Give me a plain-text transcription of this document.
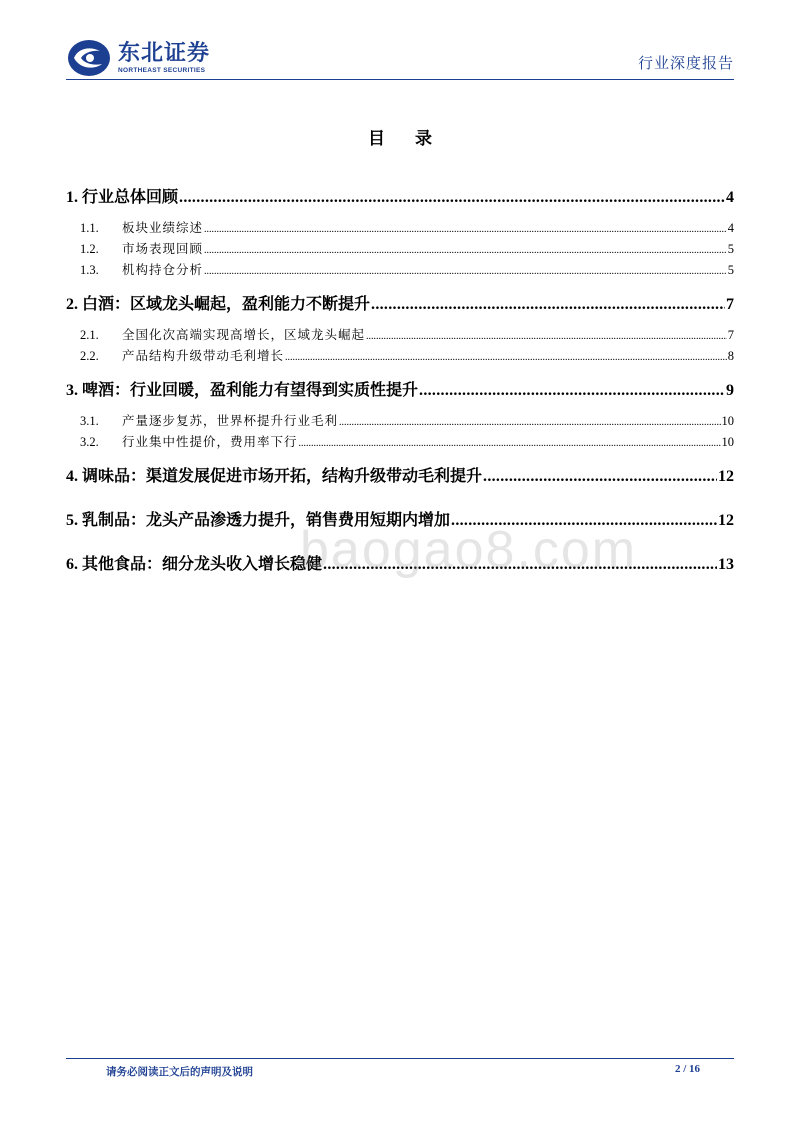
东北证券
NORTHEAST SECURITIES	行业深度报告
目 录
1. 行业总体回顾 .....	4
1.1.	板块业绩综述 .....	4
1.2.	市场表现回顾 .....	5
1.3.	机构持仓分析 .....	5
2. 白酒：区域龙头崛起，盈利能力不断提升 .....	7
2.1.	全国化次高端实现高增长，区域龙头崛起 .....	7
2.2.	产品结构升级带动毛利增长 .....	8
3. 啤酒：行业回暖，盈利能力有望得到实质性提升 .....	9
3.1.	产量逐步复苏，世界杯提升行业毛利 .....	10
3.2.	行业集中性提价，费用率下行 .....	10
4. 调味品：渠道发展促进市场开拓，结构升级带动毛利提升 .....	12
5. 乳制品：龙头产品渗透力提升，销售费用短期内增加 .....	12
6. 其他食品：细分龙头收入增长稳健 .....	13
baogao8.com
请务必阅读正文后的声明及说明	2 / 16
